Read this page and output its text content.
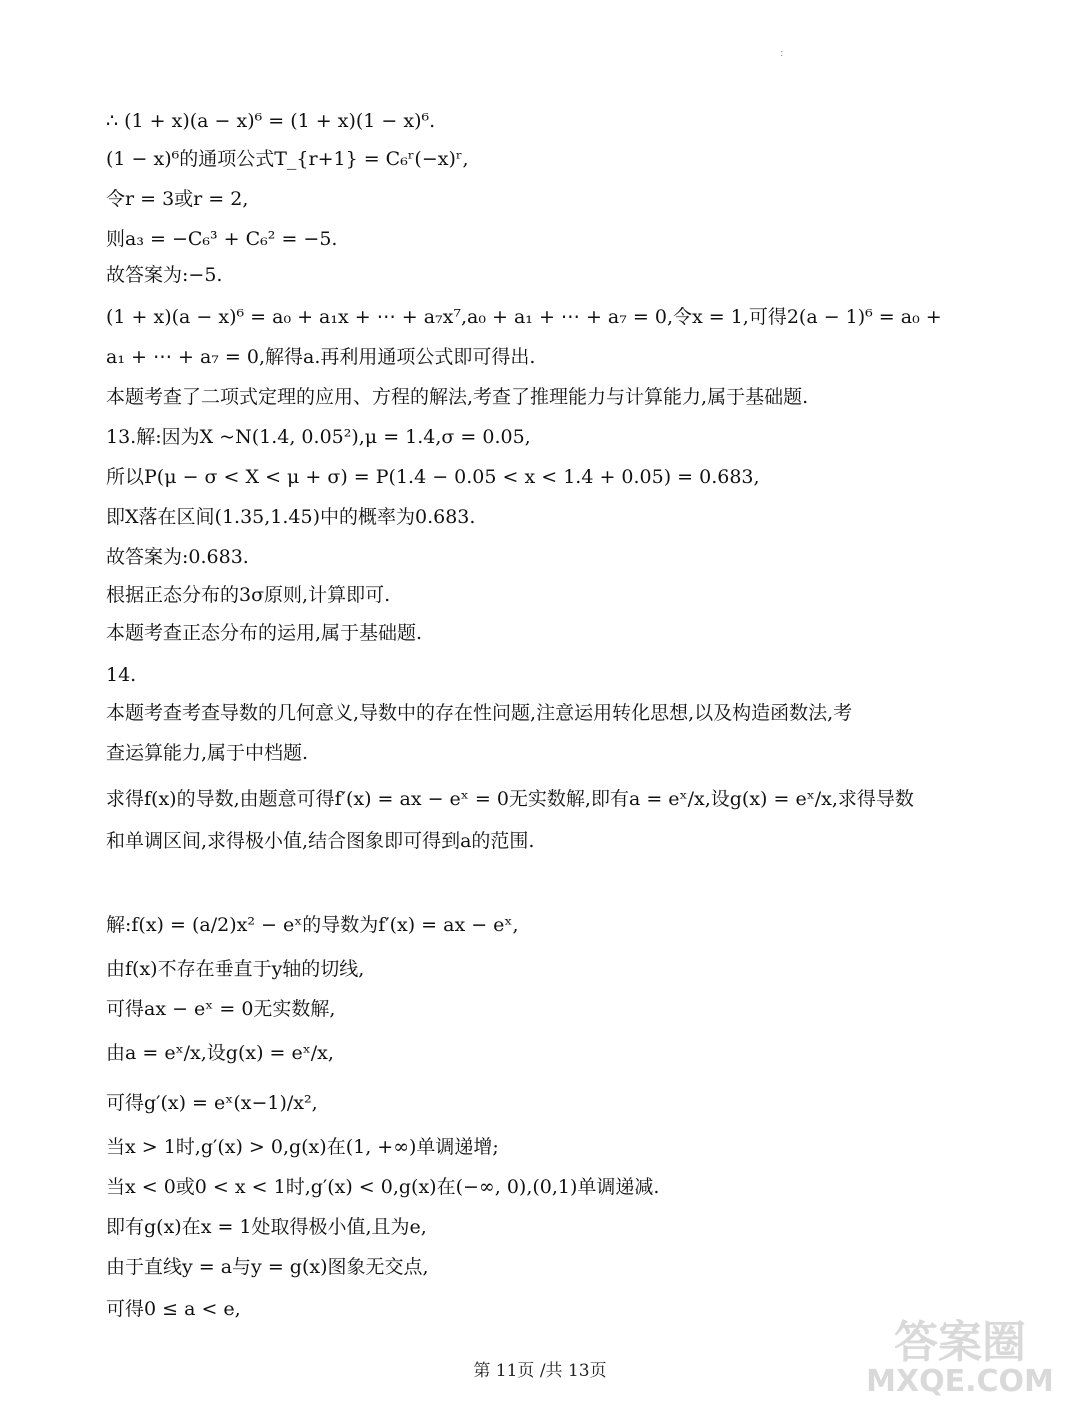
:
∴ (1 + x)(a − x)⁶ = (1 + x)(1 − x)⁶.
(1 − x)⁶的通项公式T_{r+1} = C₆ʳ(−x)ʳ,
令r = 3或r = 2,
则a₃ = −C₆³ + C₆² = −5.
故答案为:−5.
(1 + x)(a − x)⁶ = a₀ + a₁x + ⋯ + a₇x⁷,a₀ + a₁ + ⋯ + a₇ = 0,令x = 1,可得2(a − 1)⁶ = a₀ +
a₁ + ⋯ + a₇ = 0,解得a.再利用通项公式即可得出.
本题考查了二项式定理的应用、方程的解法,考查了推理能力与计算能力,属于基础题.
13.解:因为X ~N(1.4, 0.05²),μ = 1.4,σ = 0.05,
所以P(μ − σ < X < μ + σ) = P(1.4 − 0.05 < x < 1.4 + 0.05) = 0.683,
即X落在区间(1.35,1.45)中的概率为0.683.
故答案为:0.683.
根据正态分布的3σ原则,计算即可.
本题考查正态分布的运用,属于基础题.
14.
本题考查考查导数的几何意义,导数中的存在性问题,注意运用转化思想,以及构造函数法,考
查运算能力,属于中档题.
求得f(x)的导数,由题意可得f′(x) = ax − eˣ = 0无实数解,即有a = eˣ/x,设g(x) = eˣ/x,求得导数
和单调区间,求得极小值,结合图象即可得到a的范围.
解:f(x) = (a/2)x² − eˣ的导数为f′(x) = ax − eˣ,
由f(x)不存在垂直于y轴的切线,
可得ax − eˣ = 0无实数解,
由a = eˣ/x,设g(x) = eˣ/x,
可得g′(x) = eˣ(x−1)/x²,
当x > 1时,g′(x) > 0,g(x)在(1, +∞)单调递增;
当x < 0或0 < x < 1时,g′(x) < 0,g(x)在(−∞, 0),(0,1)单调递减.
即有g(x)在x = 1处取得极小值,且为e,
由于直线y = a与y = g(x)图象无交点,
可得0 ≤ a < e,
第 11页 /共 13页
答案圈
MXQE.COM
